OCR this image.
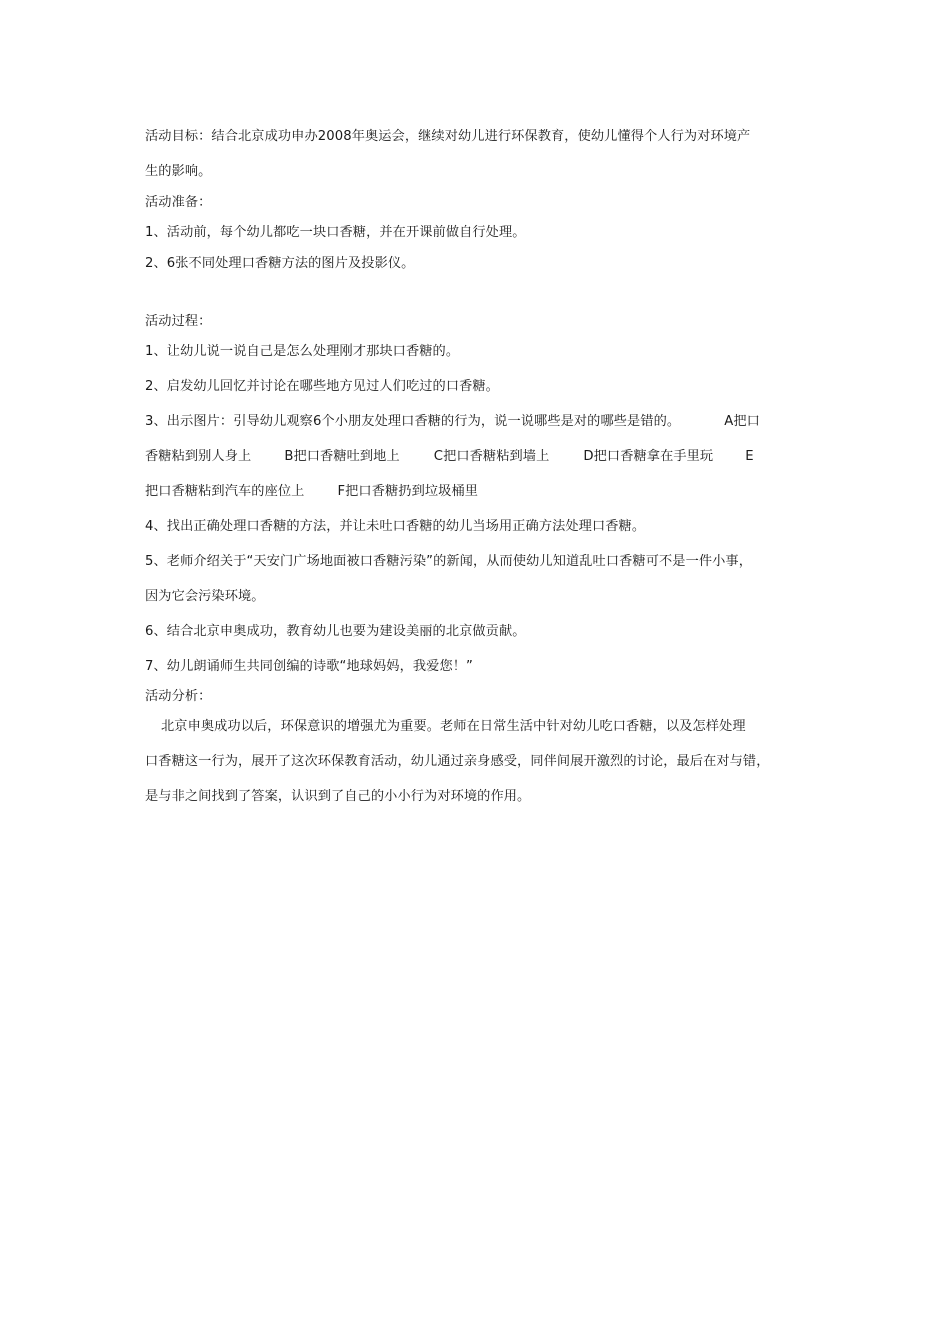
活动目标：结合北京成功申办2008年奥运会，继续对幼儿进行环保教育，使幼儿懂得个人行为对环境产
生的影响。
活动准备：
1、活动前，每个幼儿都吃一块口香糖，并在开课前做自行处理。
2、6张不同处理口香糖方法的图片及投影仪。
活动过程：
1、让幼儿说一说自己是怎么处理刚才那块口香糖的。
2、启发幼儿回忆并讨论在哪些地方见过人们吃过的口香糖。
3、出示图片：引导幼儿观察6个小朋友处理口香糖的行为，说一说哪些是对的哪些是错的。	A把口
香糖粘到别人身上	B把口香糖吐到地上	C把口香糖粘到墙上	D把口香糖拿在手里玩 E
把口香糖粘到汽车的座位上	F把口香糖扔到垃圾桶里
4、找出正确处理口香糖的方法，并让未吐口香糖的幼儿当场用正确方法处理口香糖。
5、老师介绍关于“天安门广场地面被口香糖污染”的新闻，从而使幼儿知道乱吐口香糖可不是一件小事，
因为它会污染环境。
6、结合北京申奥成功，教育幼儿也要为建设美丽的北京做贡献。
7、幼儿朗诵师生共同创编的诗歌“地球妈妈，我爱您！”
活动分析：
北京申奥成功以后，环保意识的增强尤为重要。老师在日常生活中针对幼儿吃口香糖，以及怎样处理
口香糖这一行为，展开了这次环保教育活动，幼儿通过亲身感受，同伴间展开激烈的讨论，最后在对与错，
是与非之间找到了答案，认识到了自己的小小行为对环境的作用。
